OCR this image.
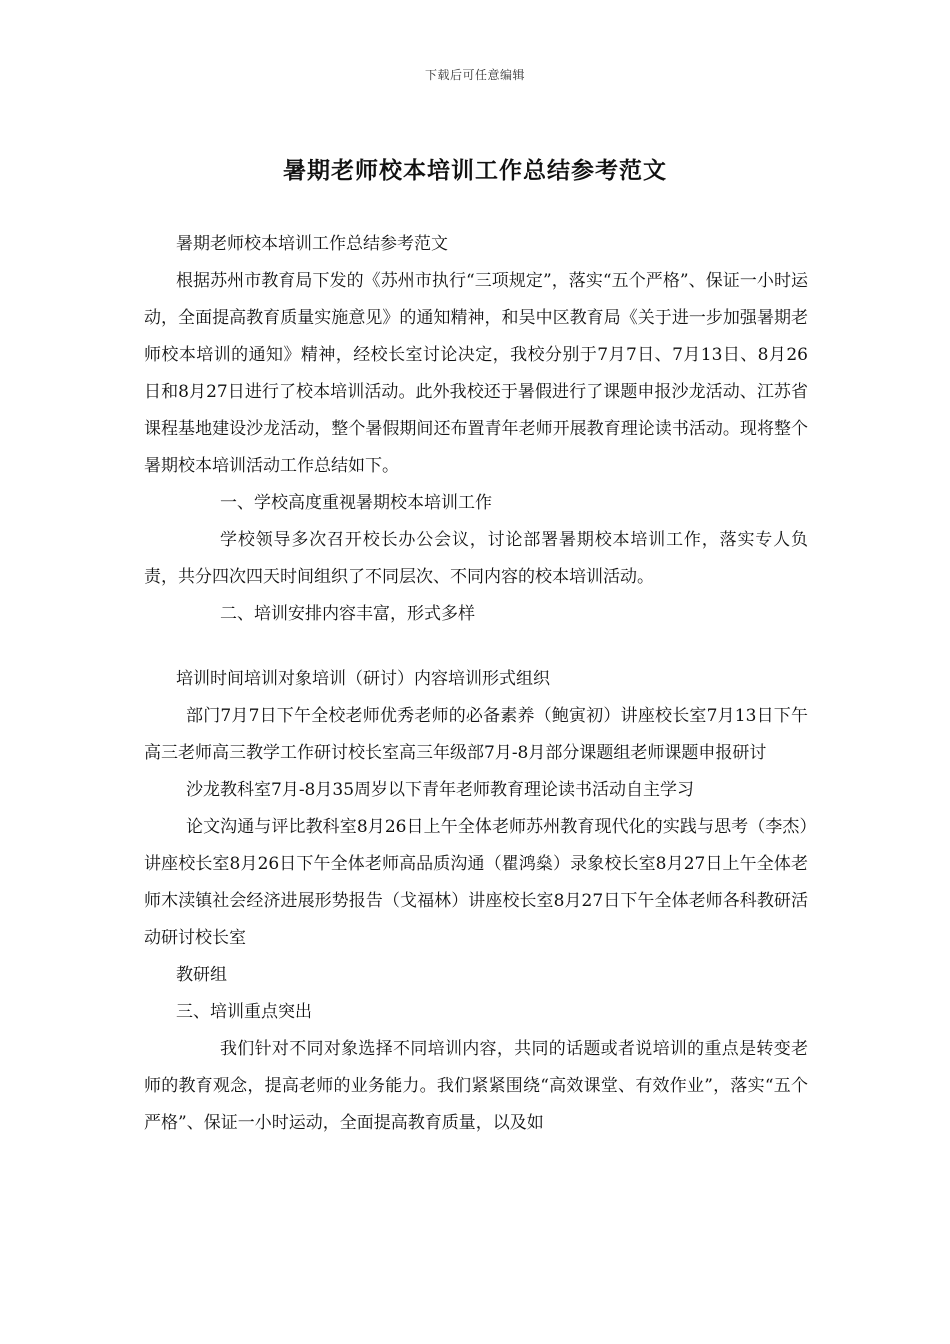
下载后可任意编辑
暑期老师校本培训工作总结参考范文

暑期老师校本培训工作总结参考范文

根据苏州市教育局下发的《苏州市执行“三项规定”，落实“五个严格”、保证一小时运动，全面提高教育质量实施意见》的通知精神，和吴中区教育局《关于进一步加强暑期老师校本培训的通知》精神，经校长室讨论决定，我校分别于7月7日、7月13日、8月26日和8月27日进行了校本培训活动。此外我校还于暑假进行了课题申报沙龙活动、江苏省课程基地建设沙龙活动，整个暑假期间还布置青年老师开展教育理论读书活动。现将整个暑期校本培训活动工作总结如下。

一、学校高度重视暑期校本培训工作

学校领导多次召开校长办公会议，讨论部署暑期校本培训工作，落实专人负责，共分四次四天时间组织了不同层次、不同内容的校本培训活动。

二、培训安排内容丰富，形式多样

培训时间培训对象培训（研讨）内容培训形式组织

部门7月7日下午全校老师优秀老师的必备素养（鲍寅初）讲座校长室7月13日下午高三老师高三教学工作研讨校长室高三年级部7月-8月部分课题组老师课题申报研讨

沙龙教科室7月-8月35周岁以下青年老师教育理论读书活动自主学习

论文沟通与评比教科室8月26日上午全体老师苏州教育现代化的实践与思考（李杰）讲座校长室8月26日下午全体老师高品质沟通（瞿鸿燊）录象校长室8月27日上午全体老师木渎镇社会经济进展形势报告（戈福林）讲座校长室8月27日下午全体老师各科教研活动研讨校长室

教研组

三、培训重点突出

我们针对不同对象选择不同培训内容，共同的话题或者说培训的重点是转变老师的教育观念，提高老师的业务能力。我们紧紧围绕“高效课堂、有效作业”，落实“五个严格”、保证一小时运动，全面提高教育质量，以及如
